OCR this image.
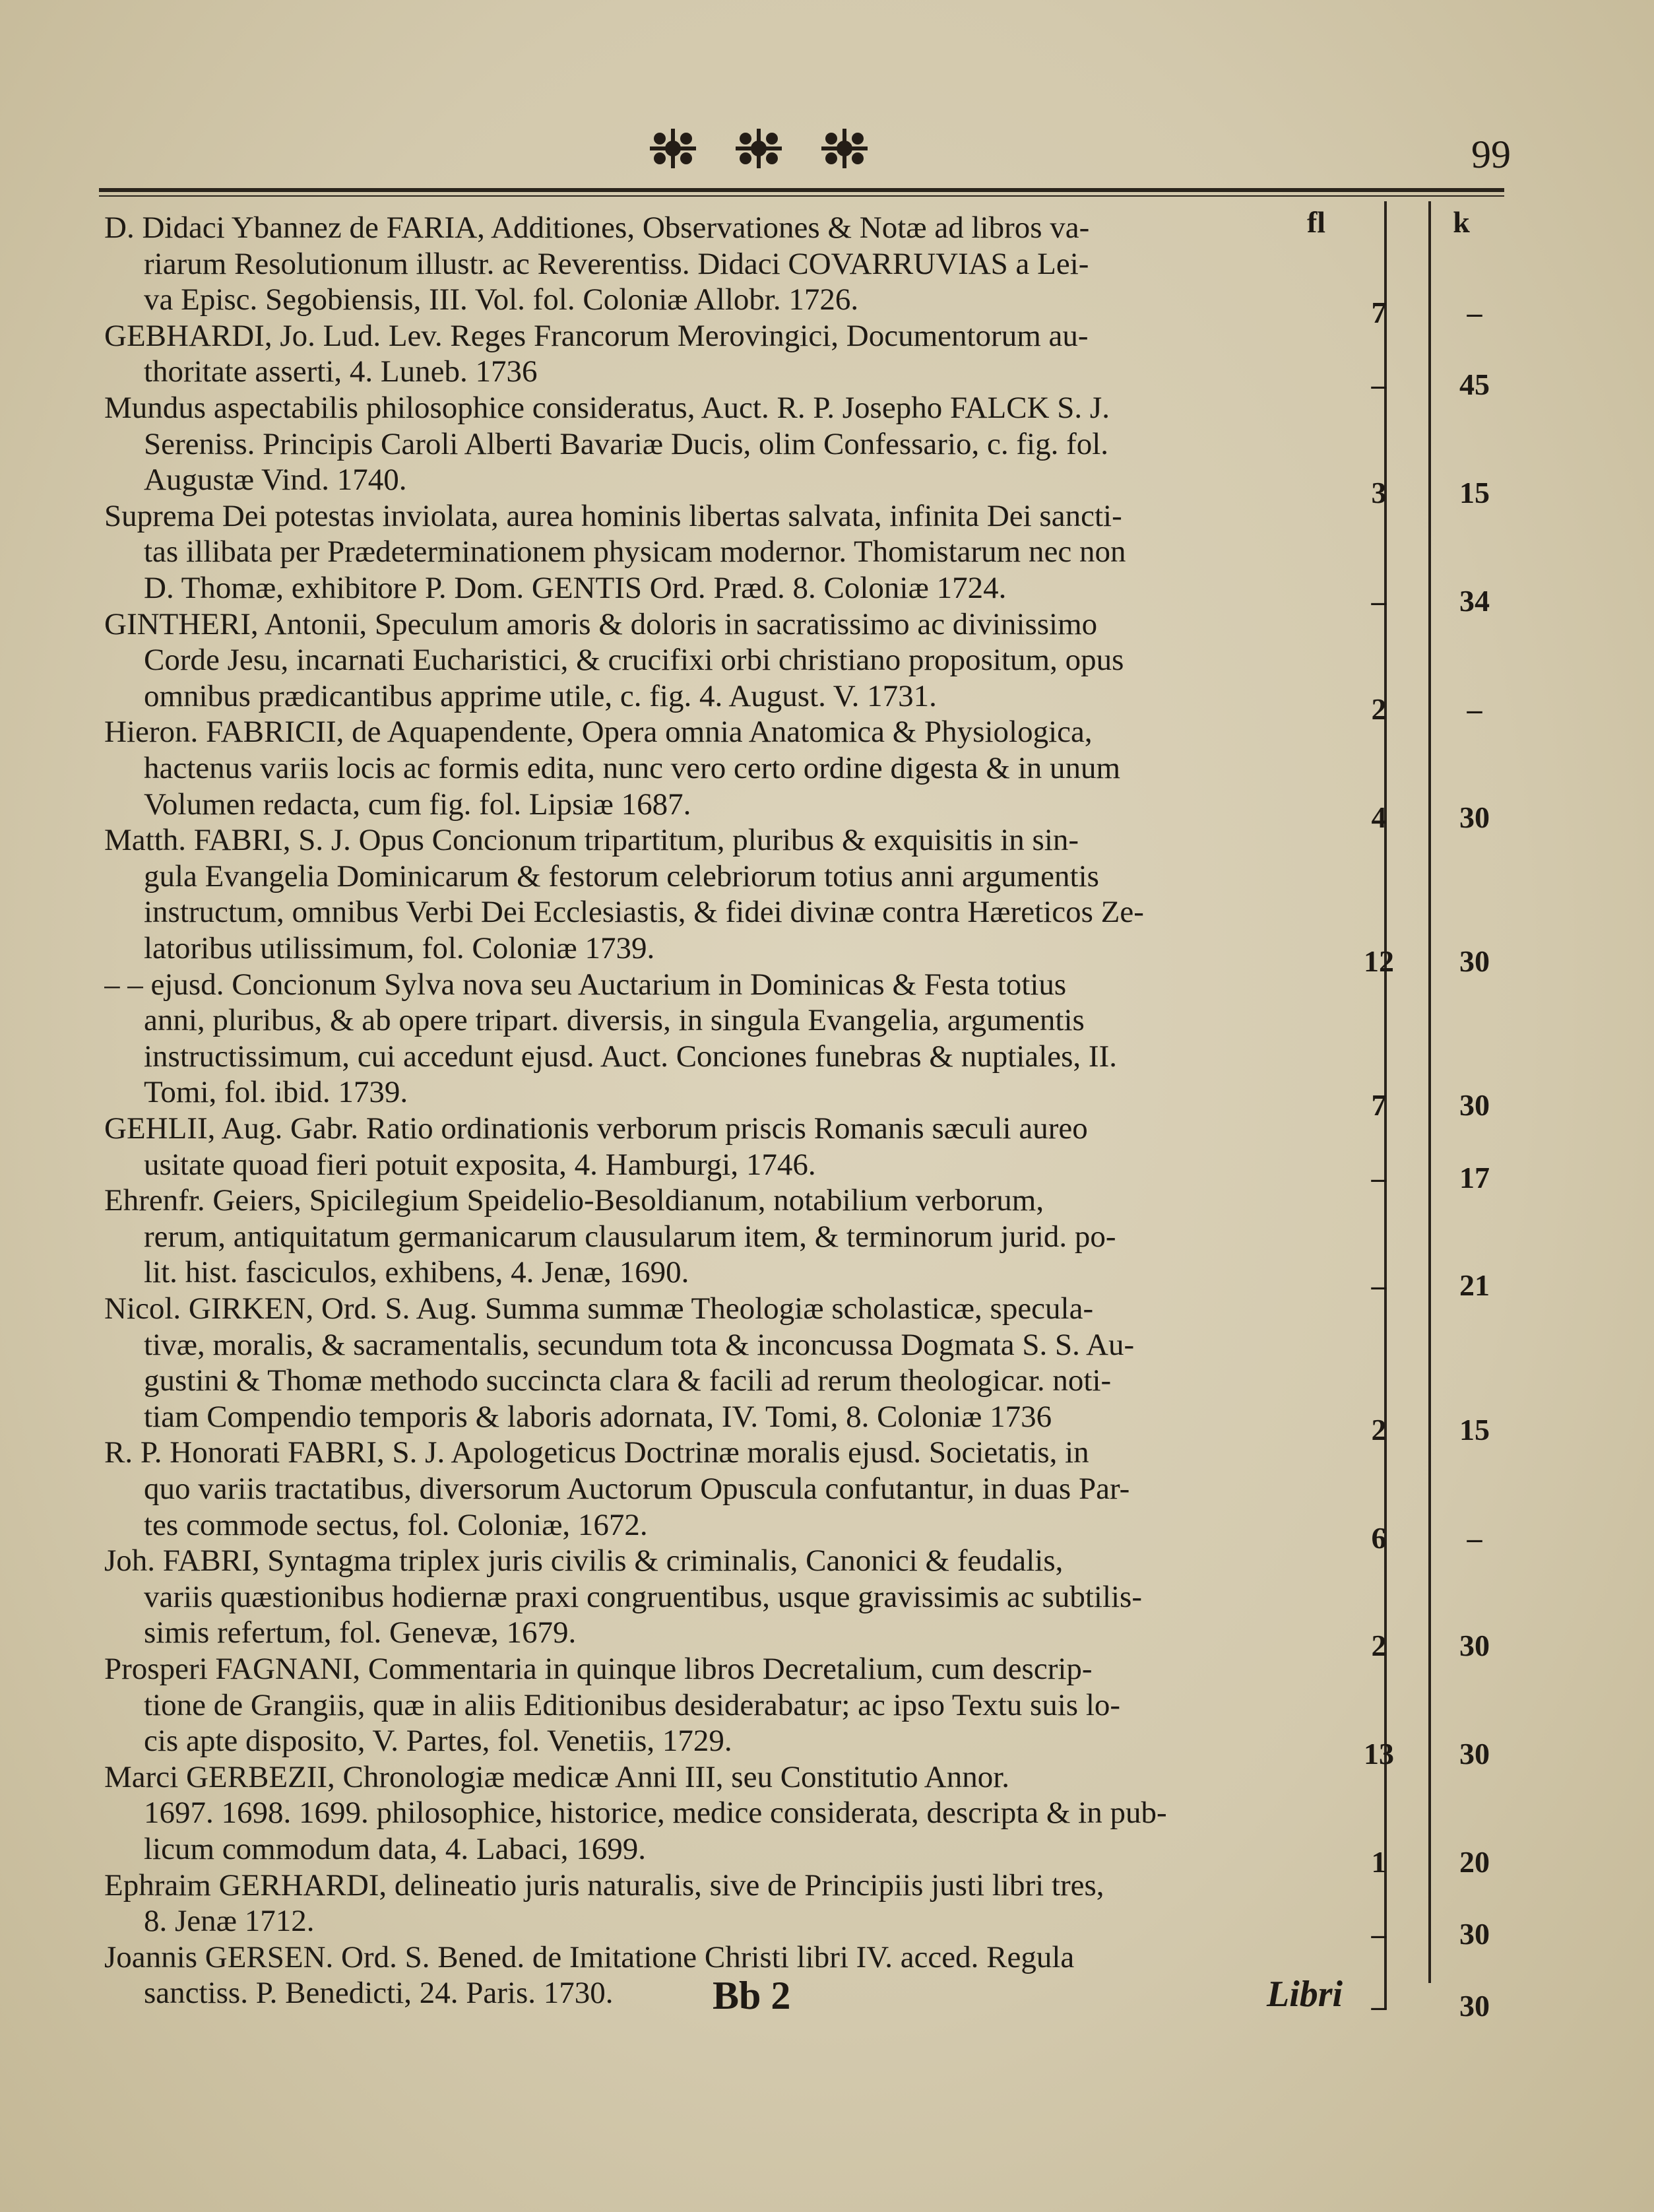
99
fl	k
D. Didaci Ybannez de FARIA, Additiones, Observationes & Notæ ad libros va-
riarum Resolutionum illustr. ac Reverentiss. Didaci COVARRUVIAS a Lei-
va Episc. Segobiensis, III. Vol. fol. Coloniæ Allobr. 1726.	7	–
GEBHARDI, Jo. Lud. Lev. Reges Francorum Merovingici, Documentorum au-
thoritate asserti, 4. Luneb. 1736	–	45
Mundus aspectabilis philosophice consideratus, Auct. R. P. Josepho FALCK S. J.
Sereniss. Principis Caroli Alberti Bavariæ Ducis, olim Confessario, c. fig. fol.
Augustæ Vind. 1740.	3	15
Suprema Dei potestas inviolata, aurea hominis libertas salvata, infinita Dei sancti-
tas illibata per Prædeterminationem physicam modernor. Thomistarum nec non
D. Thomæ, exhibitore P. Dom. GENTIS Ord. Præd. 8. Coloniæ 1724.	–	34
GINTHERI, Antonii, Speculum amoris & doloris in sacratissimo ac divinissimo
Corde Jesu, incarnati Eucharistici, & crucifixi orbi christiano propositum, opus
omnibus prædicantibus apprime utile, c. fig. 4. August. V. 1731.	2	–
Hieron. FABRICII, de Aquapendente, Opera omnia Anatomica & Physiologica,
hactenus variis locis ac formis edita, nunc vero certo ordine digesta & in unum
Volumen redacta, cum fig. fol. Lipsiæ 1687.	4	30
Matth. FABRI, S. J. Opus Concionum tripartitum, pluribus & exquisitis in sin-
gula Evangelia Dominicarum & festorum celebriorum totius anni argumentis
instructum, omnibus Verbi Dei Ecclesiastis, & fidei divinæ contra Hæreticos Ze-
latoribus utilissimum, fol. Coloniæ 1739.	12	30
– – ejusd. Concionum Sylva nova seu Auctarium in Dominicas & Festa totius
anni, pluribus, & ab opere tripart. diversis, in singula Evangelia, argumentis
instructissimum, cui accedunt ejusd. Auct. Conciones funebras & nuptiales, II.
Tomi, fol. ibid. 1739.	7	30
GEHLII, Aug. Gabr. Ratio ordinationis verborum priscis Romanis sæculi aureo
usitate quoad fieri potuit exposita, 4. Hamburgi, 1746.	–	17
Ehrenfr. Geiers, Spicilegium Speidelio-Besoldianum, notabilium verborum,
rerum, antiquitatum germanicarum clausularum item, & terminorum jurid. po-
lit. hist. fasciculos, exhibens, 4. Jenæ, 1690.	–	21
Nicol. GIRKEN, Ord. S. Aug. Summa summæ Theologiæ scholasticæ, specula-
tivæ, moralis, & sacramentalis, secundum tota & inconcussa Dogmata S. S. Au-
gustini & Thomæ methodo succincta clara & facili ad rerum theologicar. noti-
tiam Compendio temporis & laboris adornata, IV. Tomi, 8. Coloniæ 1736	2	15
R. P. Honorati FABRI, S. J. Apologeticus Doctrinæ moralis ejusd. Societatis, in
quo variis tractatibus, diversorum Auctorum Opuscula confutantur, in duas Par-
tes commode sectus, fol. Coloniæ, 1672.	6	–
Joh. FABRI, Syntagma triplex juris civilis & criminalis, Canonici & feudalis,
variis quæstionibus hodiernæ praxi congruentibus, usque gravissimis ac subtilis-
simis refertum, fol. Genevæ, 1679.	2	30
Prosperi FAGNANI, Commentaria in quinque libros Decretalium, cum descrip-
tione de Grangiis, quæ in aliis Editionibus desiderabatur; ac ipso Textu suis lo-
cis apte disposito, V. Partes, fol. Venetiis, 1729.	13	30
Marci GERBEZII, Chronologiæ medicæ Anni III, seu Constitutio Annor.
1697. 1698. 1699. philosophice, historice, medice considerata, descripta & in pub-
licum commodum data, 4. Labaci, 1699.	1	20
Ephraim GERHARDI, delineatio juris naturalis, sive de Principiis justi libri tres,
8. Jenæ 1712.	–	30
Joannis GERSEN. Ord. S. Bened. de Imitatione Christi libri IV. acced. Regula
sanctiss. P. Benedicti, 24. Paris. 1730.	–	30
Bb 2	Libri
